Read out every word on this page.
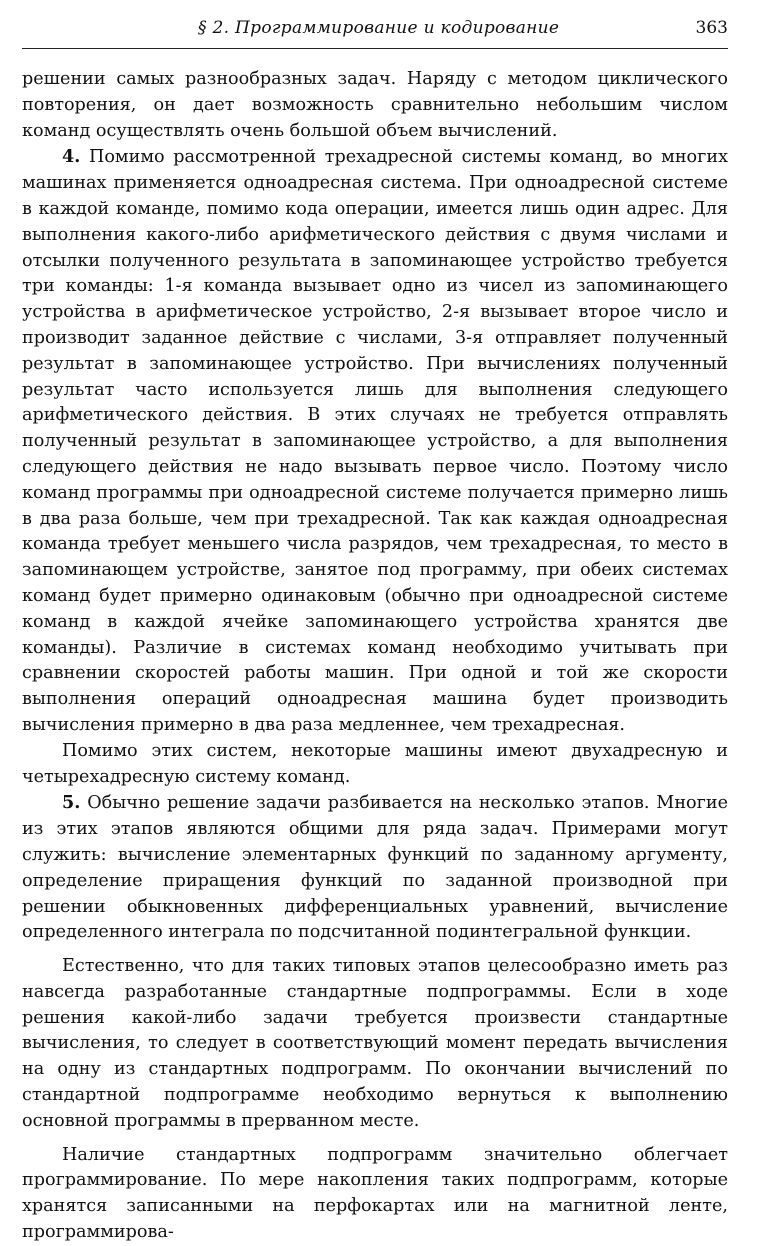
§ 2. Программирование и кодирование	363

решении самых разнообразных задач. Наряду с методом циклического повторения, он дает возможность сравнительно небольшим числом команд осуществлять очень большой объем вычислений.

4. Помимо рассмотренной трехадресной системы команд, во многих машинах применяется одноадресная система. При одноадресной системе в каждой команде, помимо кода операции, имеется лишь один адрес. Для выполнения какого-либо арифметического действия с двумя числами и отсылки полученного результата в запоминающее устройство требуется три команды: 1-я команда вызывает одно из чисел из запоминающего устройства в арифметическое устройство, 2-я вызывает второе число и производит заданное действие с числами, 3-я отправляет полученный результат в запоминающее устройство. При вычислениях полученный результат часто используется лишь для выполнения следующего арифметического действия. В этих случаях не требуется отправлять полученный результат в запоминающее устройство, а для выполнения следующего действия не надо вызывать первое число. Поэтому число команд программы при одноадресной системе получается примерно лишь в два раза больше, чем при трехадресной. Так как каждая одноадресная команда требует меньшего числа разрядов, чем трехадресная, то место в запоминающем устройстве, занятое под программу, при обеих системах команд будет примерно одинаковым (обычно при одноадресной системе команд в каждой ячейке запоминающего устройства хранятся две команды). Различие в системах команд необходимо учитывать при сравнении скоростей работы машин. При одной и той же скорости выполнения операций одноадресная машина будет производить вычисления примерно в два раза медленнее, чем трехадресная.

Помимо этих систем, некоторые машины имеют двухадресную и четырехадресную систему команд.

5. Обычно решение задачи разбивается на несколько этапов. Многие из этих этапов являются общими для ряда задач. Примерами могут служить: вычисление элементарных функций по заданному аргументу, определение приращения функций по заданной производной при решении обыкновенных дифференциальных уравнений, вычисление определенного интеграла по подсчитанной подинтегральной функции.

Естественно, что для таких типовых этапов целесообразно иметь раз навсегда разработанные стандартные подпрограммы. Если в ходе решения какой-либо задачи требуется произвести стандартные вычисления, то следует в соответствующий момент передать вычисления на одну из стандартных подпрограмм. По окончании вычислений по стандартной подпрограмме необходимо вернуться к выполнению основной программы в прерванном месте.

Наличие стандартных подпрограмм значительно облегчает программирование. По мере накопления таких подпрограмм, которые хранятся записанными на перфокартах или на магнитной ленте, программирова-
